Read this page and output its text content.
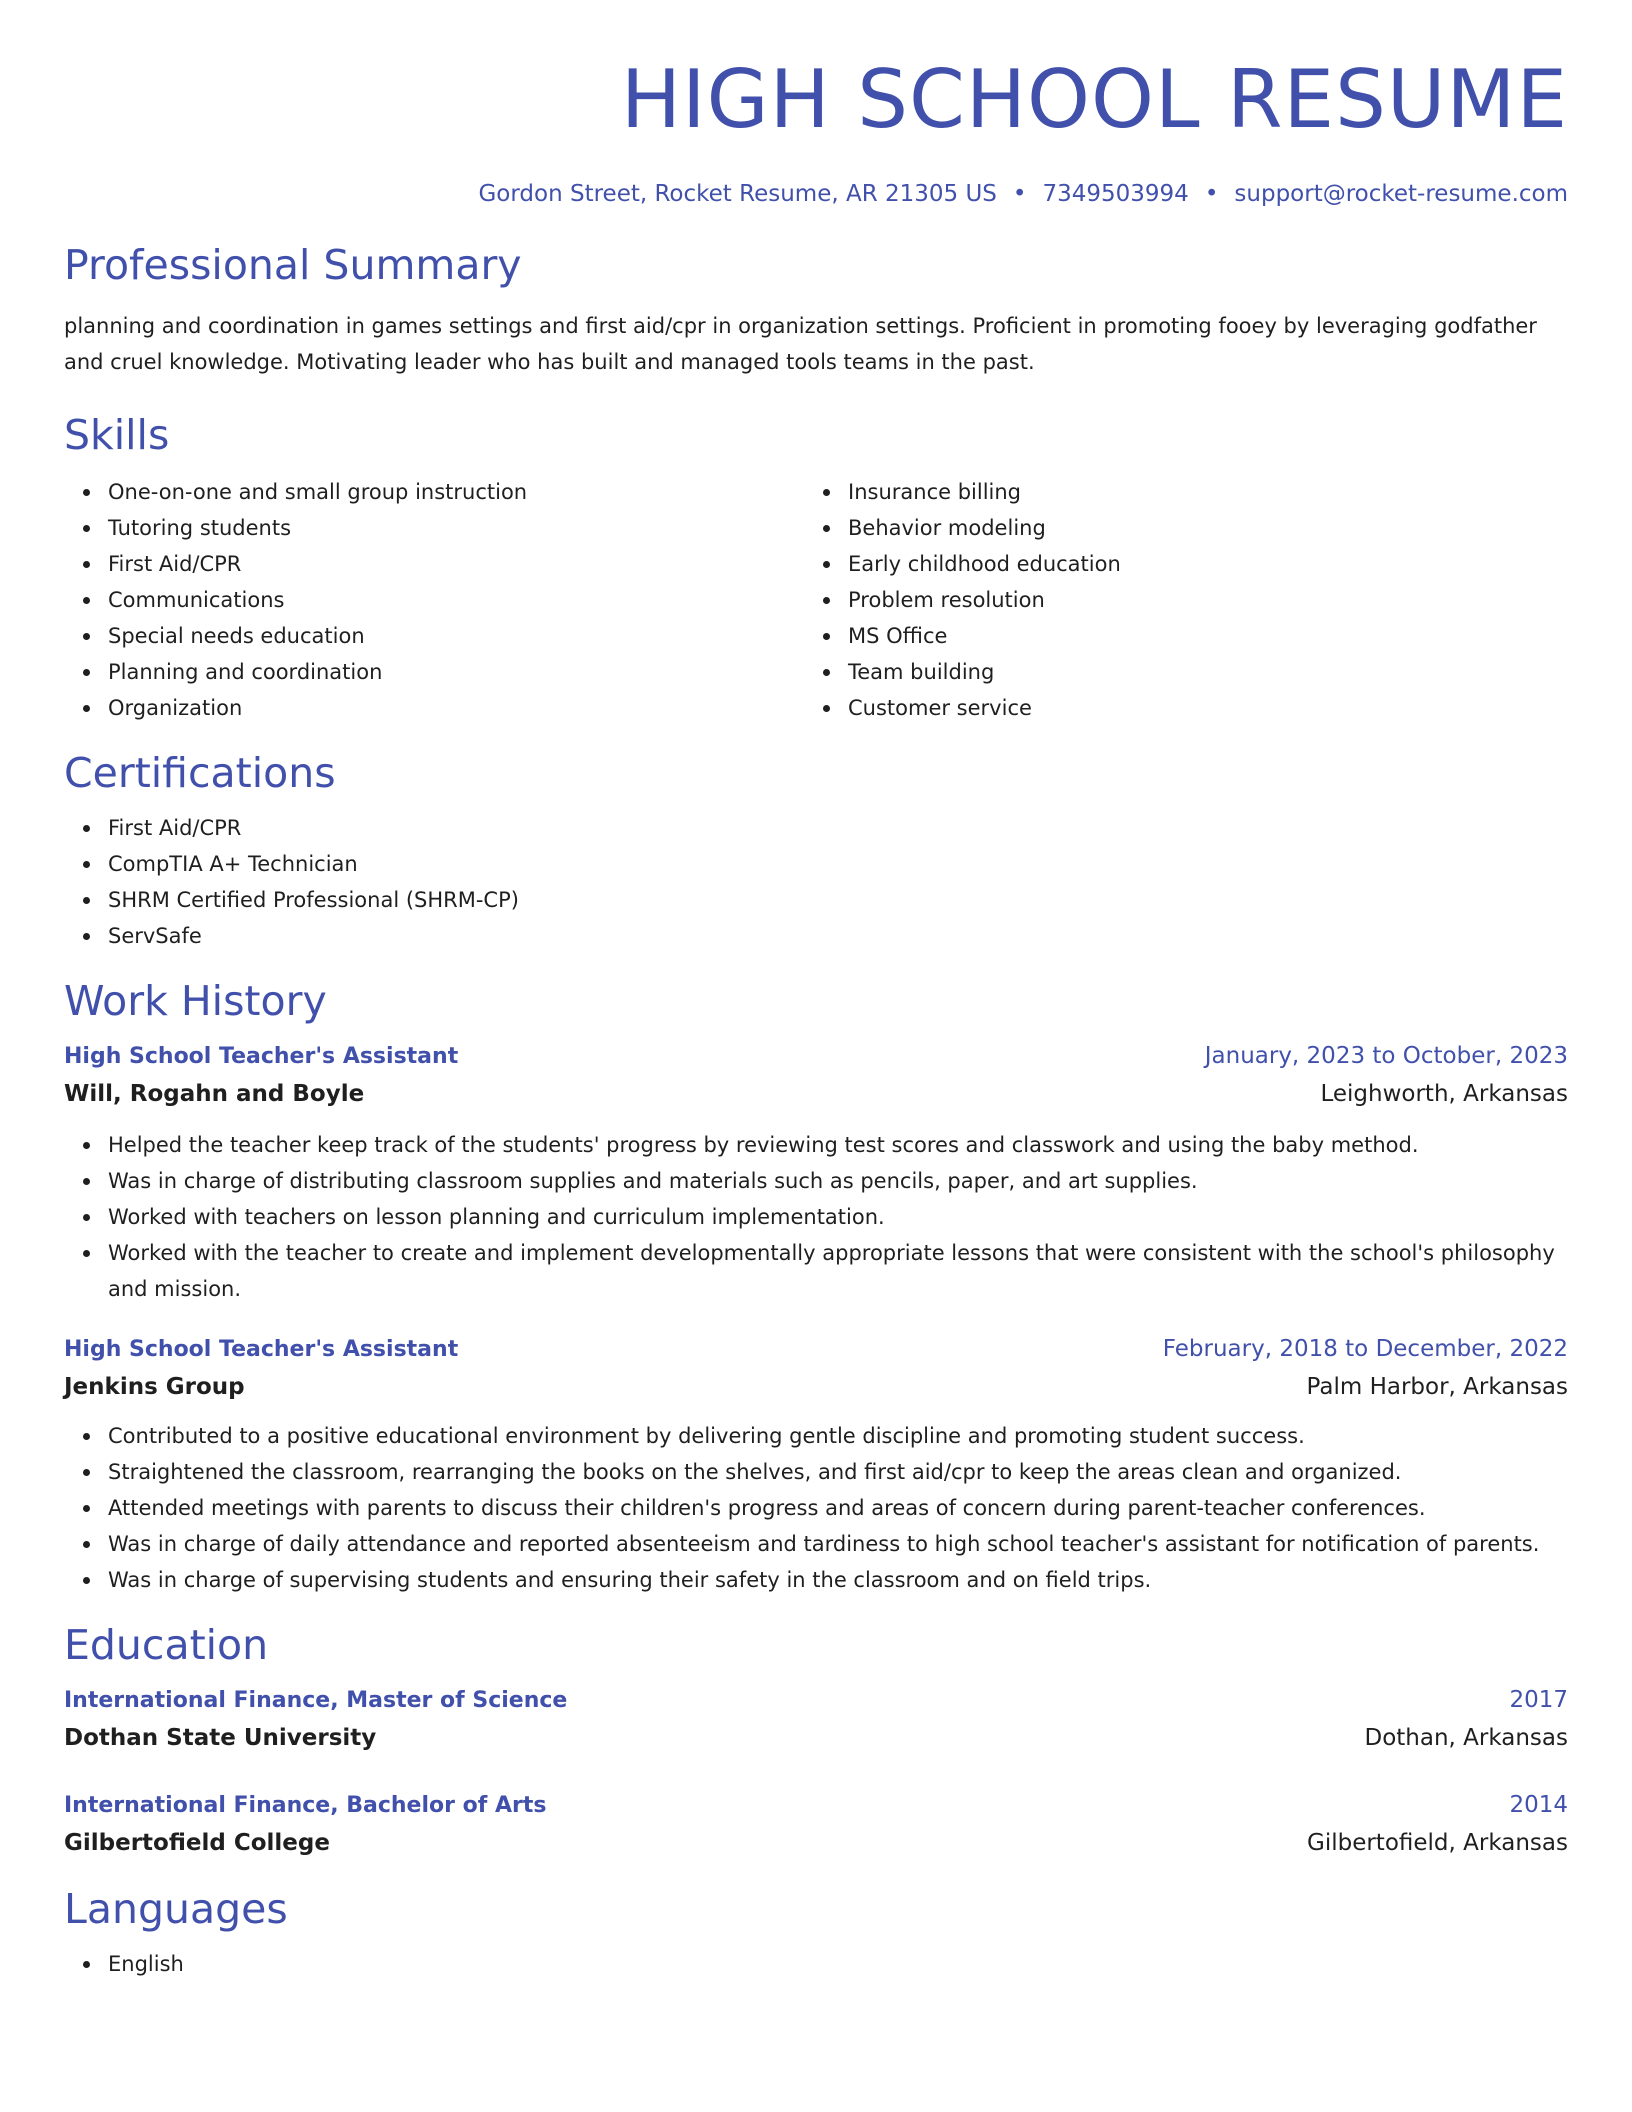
HIGH SCHOOL RESUME
Gordon Street, Rocket Resume, AR 21305 US • 7349503994 • support@rocket-resume.com
Professional Summary

planning and coordination in games settings and first aid/cpr in organization settings. Proficient in promoting fooey by leveraging godfather and cruel knowledge. Motivating leader who has built and managed tools teams in the past.

Skills
One-on-one and small group instruction
Tutoring students
First Aid/CPR
Communications
Special needs education
Planning and coordination
Organization
Insurance billing
Behavior modeling
Early childhood education
Problem resolution
MS Office
Team building
Customer service
Certifications
First Aid/CPR
CompTIA A+ Technician
SHRM Certified Professional (SHRM-CP)
ServSafe
Work History
High School Teacher's Assistant	January, 2023 to October, 2023
Will, Rogahn and Boyle	Leighworth, Arkansas
Helped the teacher keep track of the students' progress by reviewing test scores and classwork and using the baby method.
Was in charge of distributing classroom supplies and materials such as pencils, paper, and art supplies.
Worked with teachers on lesson planning and curriculum implementation.
Worked with the teacher to create and implement developmentally appropriate lessons that were consistent with the school's philosophy and mission.
High School Teacher's Assistant	February, 2018 to December, 2022
Jenkins Group	Palm Harbor, Arkansas
Contributed to a positive educational environment by delivering gentle discipline and promoting student success.
Straightened the classroom, rearranging the books on the shelves, and first aid/cpr to keep the areas clean and organized.
Attended meetings with parents to discuss their children's progress and areas of concern during parent-teacher conferences.
Was in charge of daily attendance and reported absenteeism and tardiness to high school teacher's assistant for notification of parents.
Was in charge of supervising students and ensuring their safety in the classroom and on field trips.
Education
International Finance, Master of Science	2017
Dothan State University	Dothan, Arkansas
International Finance, Bachelor of Arts	2014
Gilbertofield College	Gilbertofield, Arkansas
Languages
English
